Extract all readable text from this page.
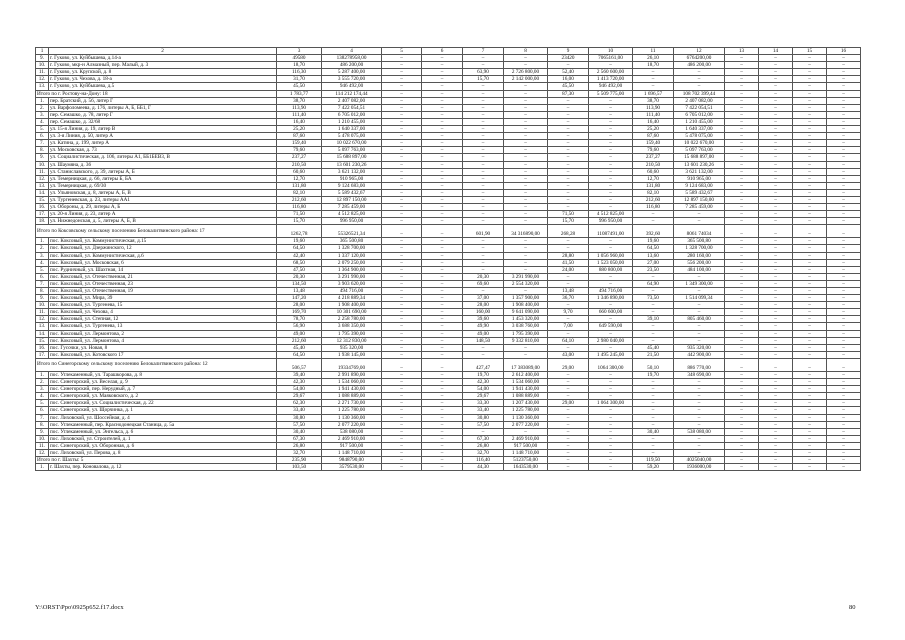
1	2	3	4	5	6	7	8	9	10	11	12	13	14	15	16
9.	г. Гуково, ул. Куйбышева, д.14-а	49580	138278958,00	–	–	–	–	23420	7065161,00	26,10	6764200,00	–	–	–	–
10.	г. Гуково, мкр-н Алмазный, пер. Малый, д. 3	18,70	486 200,00	–	–	–	–	–	–	18,70	486 200,00	–	–	–	–
11.	г. Гуково, ул. Крупской, д. 8	116,30	5 287 400,00	–	–	63,90	2 726 800,00	52,40	2 560 600,00	–	–	–	–	–	–
12.	г. Гуково, ул. Чехова, д. 18-а	31,70	3 555 720,00	–	–	15,70	2 142 000,00	16,00	1 413 720,00	–	–	–	–	–	–
13.	г. Гуково, ул. Куйбышева, д.5	45,50	946 492,00	–	–	–	–	45,50	946 492,00	–	–	–	–	–	–
Итого по г. Ростову-на-Дону: 18		1 783,77	114 212 174,44	–	–	–	–	87,30	5 509 775,00	1 696,57	108 702 399,44	–	–	–	–
1.	пер. Братский, д. 56, литер Г	38,70	2 407 082,00	–	–	–	–	–	–	38,70	2 407 082,00	–	–	–	–
2.	ул. Варфоломеева, д. 176, литеры А, Б, ББ1, Г	113,90	7 422 054,51	–	–	–	–	–	–	113,90	7 422 054,51	–	–	–	–
3.	пер. Семашко, д. 78, литер Г	111,40	6 705 012,00	–	–	–	–	–	–	111,40	6 705 012,00	–	–	–	–
4.	пер. Семашко, д. 32/68	16,40	1 210 455,00	–	–	–	–	–	–	16,40	1 210 455,00	–	–	–	–
5.	ул. 15-я Линия, д. 19, литер В	25,20	1 640 337,00	–	–	–	–	–	–	25,20	1 640 337,00	–	–	–	–
6.	ул. 3-я Линия, д. 50, литер А	87,60	5 478 075,00	–	–	–	–	–	–	87,60	5 478 075,00	–	–	–	–
7.	ул. Катина, д. 199, литер А	159,40	10 022 670,00	–	–	–	–	–	–	159,40	10 022 670,00	–	–	–	–
8.	ул. Московская, д. 73	79,60	5 097 763,00	–	–	–	–	–	–	79,60	5 097 763,00	–	–	–	–
9.	ул. Социалистическая, д. 106, литеры А1, ББ1БЕВ3, В	237,27	15 688 897,00	–	–	–	–	–	–	237,27	15 688 897,00	–	–	–	–
10.	ул. Шаумяна, д. 36	210,50	13 601 230,26	–	–	–	–	–	–	210,50	13 601 230,26	–	–	–	–
11.	ул. Станиславского, д. 39, литеры А, Б	60,60	3 621 132,00	–	–	–	–	–	–	60,60	3 621 132,00	–	–	–	–
12.	ул. Темерницкая, д. 66, литеры Б, БА	12,70	910 965,00	–	–	–	–	–	–	12,70	910 965,00	–	–	–	–
13.	ул. Темерницкая, д. 69/30	131,80	9 124 683,00	–	–	–	–	–	–	131,80	9 124 683,00	–	–	–	–
14.	ул. Ульяновская, д. 8, литеры А, Б, В	82,10	5 589 432,67	–	–	–	–	–	–	82,10	5 589 432,67	–	–	–	–
15.	ул. Тургеневская, д. 23, литеры АА1	212,60	12 897 150,00	–	–	–	–	–	–	212,60	12 897 150,00	–	–	–	–
16.	ул. Обороны, д. 29, литеры А, Б	116,80	7 285 459,00	–	–	–	–	–	–	116,80	7 285 459,00	–	–	–	–
17.	ул. 20-я Линия, д. 23, литер А	71,50	4 512 825,00	–	–	–	–	71,50	4 512 825,00	–	–	–	–	–	–
18.	ул. Нижнедонская, д. 5, литеры А, Б, В	15,70	996 950,00	–	–	–	–	15,70	996 950,00	–	–	–	–	–	–
Итого по Коксовскому сельскому поселению Белокалитвинского района: 17		1262,78	55326521,34	–	–	601,90	34 316890,00	268,28	11087491,00	392,60	8061 74034	–	–	–	–
1.	пос. Коксовый, ул. Коммунистическая, д.15	19,60	365 500,80	–	–	–	–	–	–	19,60	365 500,80	–	–	–	–
2.	пос. Коксовый, ул. Дзержинского, 12	64,50	1 328 700,00	–	–	–	–	–	–	64,50	1 328 700,00	–	–	–	–
3.	пос. Коксовый, ул. Коммунистическая, д.6	42,40	1 337 120,00	–	–	–	–	28,80	1 056 960,00	13,60	280 160,00	–	–	–	–
4.	пос. Коксовый, ул. Московская, 6	68,50	2 079 250,00	–	–	–	–	41,50	1 523 050,00	27,00	556 200,00	–	–	–	–
5.	пос. Рудничный, ул. Шахтная, 14	47,50	1 364 900,00	–	–	–	–	24,00	880 800,00	23,50	484 100,00	–	–	–	–
6.	пос. Коксовый, ул. Отечественная, 21	20,30	3 291 990,00	–	–	20,30	3 291 990,00	–	–	–	–	–	–	–	–
7.	пос. Коксовый, ул. Отечественная, 23	134,50	3 903 620,00	–	–	69,60	2 554 320,00	–	–	64,90	1 349 300,00	–	–	–	–
8.	пос. Коксовый, ул. Отечественная, 19	13,48	494 716,00	–	–	–	–	13,48	494 716,00	–	–	–	–	–	–
9.	пос. Коксовый, ул. Мира, 39	147,20	4 218 889,34	–	–	37,00	1 357 900,00	36,70	1 346 890,00	73,50	1 514 099,34	–	–	–	–
10.	пос. Коксовый, ул. Тургенева, 15	28,00	1 908 400,00	–	–	28,00	1 908 400,00	–	–	–	–	–	–	–	–
11.	пос. Коксовый, ул. Чехова, 4	169,70	10 301 690,00	–	–	160,00	9 641 090,00	9,70	660 600,00	–	–	–	–	–	–
12.	пос. Коксовый, ул. Степная, 12	78,70	2 258 780,00	–	–	39,60	1 453 320,00	–	–	39,10	805 460,00	–	–	–	–
13.	пос. Коксовый, ул. Тургенева, 13	56,90	3 688 350,00	–	–	49,90	3 038 760,00	7,00	649 590,00	–	–	–	–	–	–
14.	пос. Коксовый, ул. Лермонтова, 2	49,00	1 795 390,00	–	–	49,00	1 795 390,00	–	–	–	–	–	–	–	–
15.	пос. Коксовый, ул. Лермонтова, 4	212,60	12 312 830,00	–	–	148,50	9 332 810,00	64,10	2 980 040,00	–	–	–	–	–	–
16.	пос. Гусочки, ул. Новая, 8	45,40	935 320,00	–	–	–	–	–	–	45,40	935 320,00	–	–	–	–
17.	пос. Коксовый, ул. Котовского 17	64,50	1 938 145,00	–	–	–	–	43,00	1 495 245,00	21,50	442 900,00	–	–	–	–
Итого по Синегорскому сельскому поселению Белокалитвинского района: 12		506,57	19334769,00	–	–	427,47	17 383089,00	29,00	1064 300,00	50,10	886 770,00	–	–	–	–
1.	пос. Углекаменный, ул. Тарашкорова, д. 8	39,40	2 991 890,00	–	–	19,70	2 612 400,00	–	–	19,70	348 690,00	–	–	–	–
2.	пос. Синегорский, ул. Веселая, д. 9	42,30	1 534 060,00	–	–	42,30	1 534 060,00	–	–	–	–	–	–	–	–
3.	пос. Синегорский, пер. Нерудный, д. 7	54,00	1 941 430,00	–	–	54,00	1 941 430,00	–	–	–	–	–	–	–	–
4.	пос. Синегорский, ул. Маяковского, д. 2	29,67	1 088 889,00	–	–	29,67	1 088 889,00	–	–	–	–	–	–	–	–
5.	пос. Синегорский, ул. Социалистическая, д. 22	62,30	2 271 730,00	–	–	33,30	1 207 430,00	29,00	1 064 300,00	–	–	–	–	–	–
6.	пос. Синегорский, ул. Щорчинка, д. 1	33,40	1 225 780,00	–	–	33,40	1 225 780,00	–	–	–	–	–	–	–	–
7.	пос. Лиховской, ул. Шоссейная, д. 4	30,80	1 130 360,00	–	–	30,80	1 130 360,00	–	–	–	–	–	–	–	–
8.	пос. Углекаменный, пер. Краснодонецкая Станица, д. 5а	57,50	2 077 220,00	–	–	57,50	2 077 220,00	–	–	–	–	–	–	–	–
9.	пос. Углекаменный, ул. Энгельса, д. 6	30,40	538 080,00	–	–	–	–	–	–	30,40	538 080,00	–	–	–	–
10.	пос. Лиховской, ул. Строителей, д. 1	67,30	2 469 910,00	–	–	67,30	2 469 910,00	–	–	–	–	–	–	–	–
11.	пос. Синегорский, ул. Оборонная, д. 6	26,80	917 500,00	–	–	26,80	917 500,00	–	–	–	–	–	–	–	–
12.	пос. Лиховской, ул. Перова, д. 8	32,70	1 148 710,00	–	–	32,70	1 148 710,00	–	–	–	–	–	–	–	–
Итого по г. Шахты: 5		235,90	9848790,00	–	–	116,40	5123750,00	–	–	119,50	4025040,00	–	–	–	–
1.	г. Шахты, пер. Коновалова, д. 12	103,50	3579530,00	–	–	44,30	1643530,00	–	–	59,20	1936000,00	–	–	–	–
Y:\ORST\Ppo\0925p652.f17.docx	80
